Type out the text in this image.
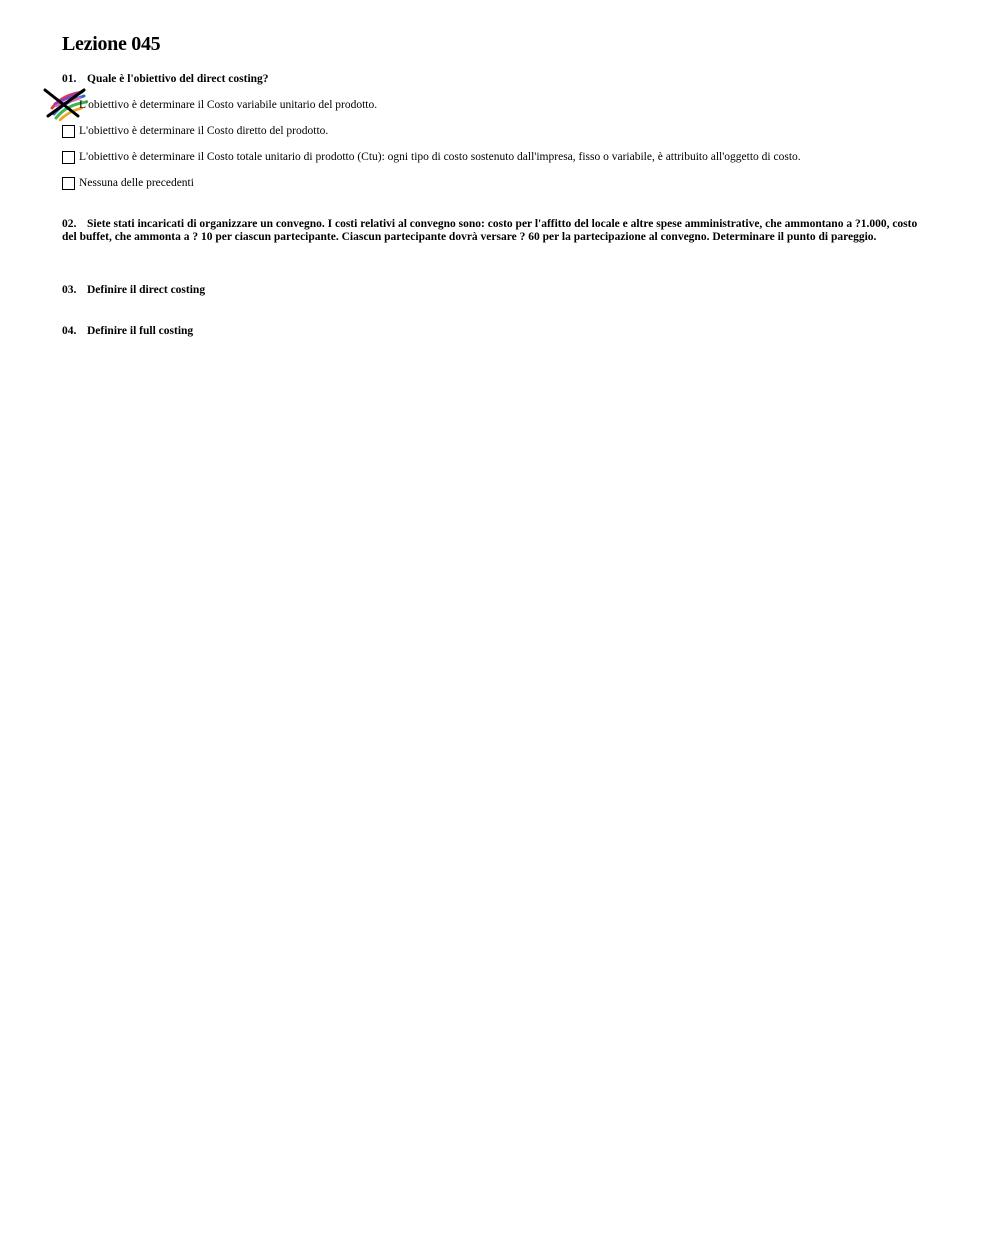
Lezione 045
01. Quale è l'obiettivo del direct costing?
L'obiettivo è determinare il Costo variabile unitario del prodotto.
L'obiettivo è determinare il Costo diretto del prodotto.
L'obiettivo è determinare il Costo totale unitario di prodotto (Ctu): ogni tipo di costo sostenuto dall'impresa, fisso o variabile, è attribuito all'oggetto di costo.
Nessuna delle precedenti
02. Siete stati incaricati di organizzare un convegno. I costi relativi al convegno sono: costo per l'affitto del locale e altre spese amministrative, che ammontano a ?1.000, costo del buffet, che ammonta a ? 10 per ciascun partecipante. Ciascun partecipante dovrà versare ? 60 per la partecipazione al convegno. Determinare il punto di pareggio.
03. Definire il direct costing
04. Definire il full costing
